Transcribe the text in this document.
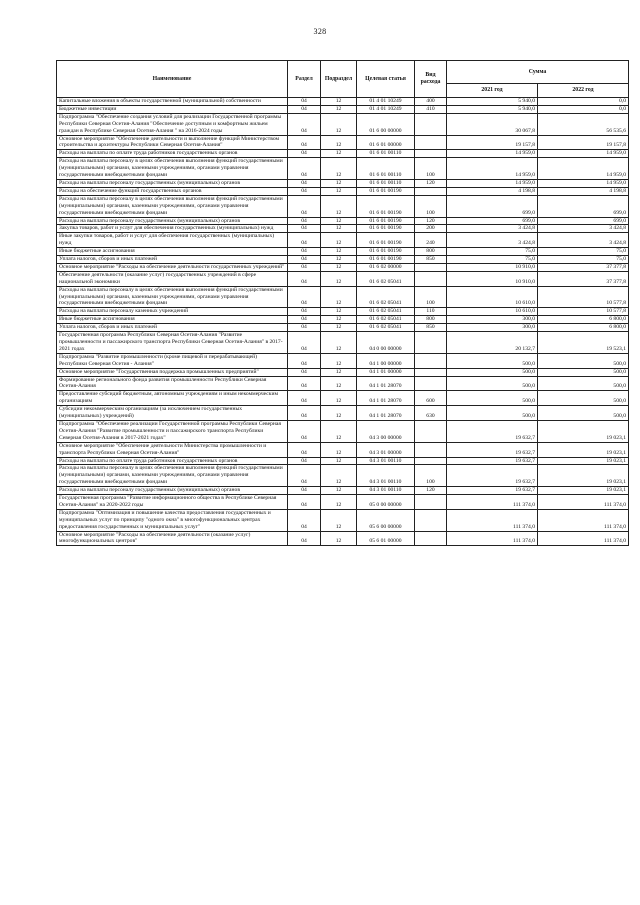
328
Наименование	Раздел	Подраздел	Целевая статья	Вид расхода	Сумма	
					2021 год	2022 год
Капитальные вложения в объекты государственной (муниципальной) собственности	04	12	01 4 01 10249	400	5 940,0	0,0
Бюджетные инвестиции	04	12	01 4 01 10249	410	5 940,0	0,0
Подпрограмма "Обеспечение создания условий для реализации Государственной программы Республики Северная Осетия-Алания "Обеспечение доступным и комфортным жильем граждан в Республике Северная Осетия-Алания " на 2016-2024 годы	04	12	01 6 00 00000		30 067,8	56 535,6
Основное мероприятие "Обеспечение деятельности и выполнение функций Министерством строительства и архитектуры Республики Северная Осетия-Алания"	04	12	01 6 01 00000		19 157,8	19 157,8
Расходы на выплаты по оплате труда работников государственных органов	04	12	01 6 01 00110		14 959,0	14 959,0
Расходы на выплаты персоналу в целях обеспечения выполнения функций государственными (муниципальными) органами, казенными учреждениями, органами управления государственными внебюджетными фондами	04	12	01 6 01 00110	100	14 959,0	14 959,0
Расходы на выплаты персоналу государственных (муниципальных) органов	04	12	01 6 01 00110	120	14 959,0	14 959,0
Расходы на обеспечение функций государственных органов	04	12	01 6 01 00190		4 198,8	4 198,8
Расходы на выплаты персоналу в целях обеспечения выполнения функций государственными (муниципальными) органами, казенными учреждениями, органами управления государственными внебюджетными фондами	04	12	01 6 01 00190	100	699,0	699,0
Расходы на выплаты персоналу государственных (муниципальных) органов	04	12	01 6 01 00190	120	699,0	699,0
Закупка товаров, работ и услуг для обеспечения государственных (муниципальных) нужд	04	12	01 6 01 00190	200	3 424,8	3 424,8
Иные закупки товаров, работ и услуг для обеспечения государственных (муниципальных) нужд	04	12	01 6 01 00190	240	3 424,8	3 424,8
Иные бюджетные ассигнования	04	12	01 6 01 00190	800	75,0	75,0
Уплата налогов, сборов и иных платежей	04	12	01 6 01 00190	850	75,0	75,0
Основное мероприятие "Расходы на обеспечение деятельности государственных учреждений"	04	12	01 6 02 00000		10 910,0	37 377,8
Обеспечение деятельности (оказание услуг) государственных учреждений в сфере национальной экономики	04	12	01 6 02 05041		10 910,0	37 377,8
Расходы на выплаты персоналу в целях обеспечения выполнения функций государственными (муниципальными) органами, казенными учреждениями, органами управления государственными внебюджетными фондами	04	12	01 6 02 05041	100	10 610,0	10 577,8
Расходы на выплаты персоналу казенных учреждений	04	12	01 6 02 05041	110	10 610,0	10 577,8
Иные бюджетные ассигнования	04	12	01 6 02 05041	800	300,0	6 800,0
Уплата налогов, сборов и иных платежей	04	12	01 6 02 05041	850	300,0	6 800,0
Государственная программа Республики Северная Осетия-Алания "Развитие промышленности и пассажирского транспорта Республики Северная Осетия-Алания" в 2017-2021 годах	04	12	04 0 00 00000		20 132,7	19 523,1
Подпрограмма "Развитие промышленности (кроме пищевой и перерабатывающей) Республики Северная Осетия - Алания"	04	12	04 1 00 00000		500,0	500,0
Основное мероприятие "Государственная поддержка промышленных предприятий"	04	12	04 1 01 00000		500,0	500,0
Формирование регионального фонда развития промышленности Республики Северная Осетия-Алания	04	12	04 1 01 28070		500,0	500,0
Предоставление субсидий бюджетным, автономным учреждениям и иным некоммерческим организациям	04	12	04 1 01 28070	600	500,0	500,0
Субсидии некоммерческим организациям (за исключением государственных (муниципальных) учреждений)	04	12	04 1 01 28070	630	500,0	500,0
Подпрограмма "Обеспечение реализации Государственной программы Республики Северная Осетия-Алания "Развитие промышленности и пассажирского транспорта Республики Северная Осетия-Алания в 2017-2021 годах"	04	12	04 3 00 00000		19 632,7	19 023,1
Основное мероприятие "Обеспечение деятельности Министерства промышленности и транспорта Республики Северная Осетия-Алания"	04	12	04 3 01 00000		19 632,7	19 023,1
Расходы на выплаты по оплате труда работников государственных органов	04	12	04 3 01 00110		19 632,7	19 023,1
Расходы на выплаты персоналу в целях обеспечения выполнения функций государственными (муниципальными) органами, казенными учреждениями, органами управления государственными внебюджетными фондами	04	12	04 3 01 00110	100	19 632,7	19 023,1
Расходы на выплаты персоналу государственных (муниципальных) органов	04	12	04 3 01 00110	120	19 632,7	19 023,1
Государственная программа "Развитие информационного общества в Республике Северная Осетия-Алания" на 2020-2022 годы	04	12	05 0 00 00000		111 374,0	111 374,0
Подпрограмма "Оптимизация и повышение качества предоставления государственных и муниципальных услуг по принципу "одного окна" в многофункциональных центрах предоставления государственных и муниципальных услуг"	04	12	05 6 00 00000		111 374,0	111 374,0
Основное мероприятие "Расходы на обеспечение деятельности (оказание услуг) многофункциональных центров"	04	12	05 6 01 00000		111 374,0	111 374,0
